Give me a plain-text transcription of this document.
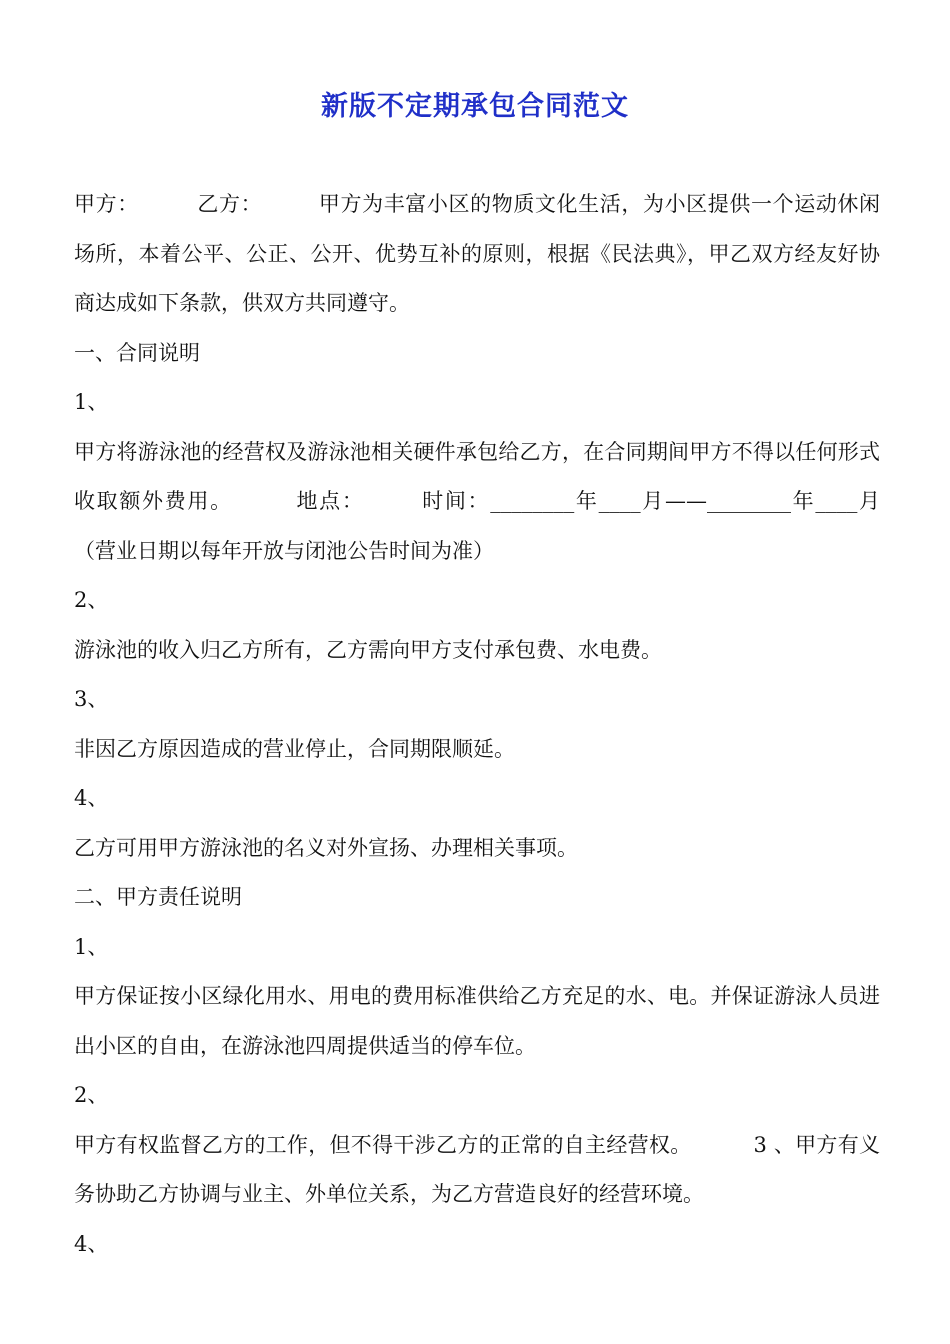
新版不定期承包合同范文

甲方：	乙方：	甲方为丰富小区的物质文化生活，为小区提供一个运动休闲场所，本着公平、公正、公开、优势互补的原则，根据《民法典》，甲乙双方经友好协商达成如下条款，供双方共同遵守。

一、合同说明

1、

甲方将游泳池的经营权及游泳池相关硬件承包给乙方，在合同期间甲方不得以任何形式收取额外费用。	地点：	时间：________年____月——________年____月（营业日期以每年开放与闭池公告时间为准）

2、

游泳池的收入归乙方所有，乙方需向甲方支付承包费、水电费。

3、

非因乙方原因造成的营业停止，合同期限顺延。

4、

乙方可用甲方游泳池的名义对外宣扬、办理相关事项。

二、甲方责任说明

1、

甲方保证按小区绿化用水、用电的费用标准供给乙方充足的水、电。并保证游泳人员进出小区的自由，在游泳池四周提供适当的停车位。

2、

甲方有权监督乙方的工作，但不得干涉乙方的正常的自主经营权。	3 、甲方有义务协助乙方协调与业主、外单位关系，为乙方营造良好的经营环境。

4、
